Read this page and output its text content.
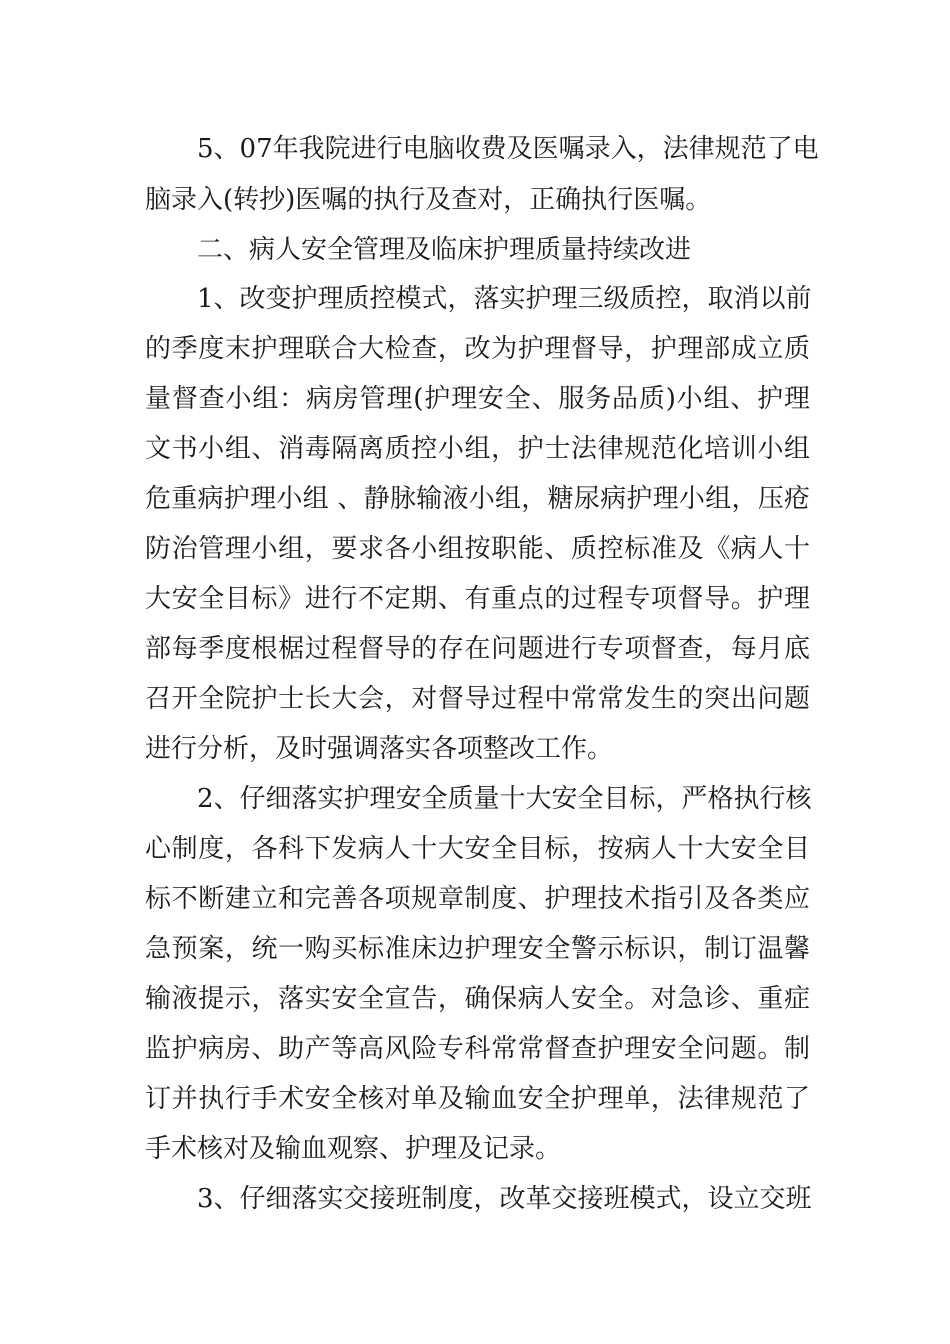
5、07年我院进行电脑收费及医嘱录入，法律规范了电
脑录入(转抄)医嘱的执行及查对，正确执行医嘱。
二、病人安全管理及临床护理质量持续改进
1、改变护理质控模式，落实护理三级质控，取消以前
的季度末护理联合大检查，改为护理督导，护理部成立质
量督查小组：病房管理(护理安全、服务品质)小组、护理
文书小组、消毒隔离质控小组，护士法律规范化培训小组
危重病护理小组 、静脉输液小组，糖尿病护理小组，压疮
防治管理小组，要求各小组按职能、质控标准及《病人十
大安全目标》进行不定期、有重点的过程专项督导。护理
部每季度根椐过程督导的存在问题进行专项督查，每月底
召开全院护士长大会，对督导过程中常常发生的突出问题
进行分析，及时强调落实各项整改工作。
2、仔细落实护理安全质量十大安全目标，严格执行核
心制度，各科下发病人十大安全目标，按病人十大安全目
标不断建立和完善各项规章制度、护理技术指引及各类应
急预案，统一购买标准床边护理安全警示标识，制订温馨
输液提示，落实安全宣告，确保病人安全。对急诊、重症
监护病房、助产等高风险专科常常督查护理安全问题。制
订并执行手术安全核对单及输血安全护理单，法律规范了
手术核对及输血观察、护理及记录。
3、仔细落实交接班制度，改革交接班模式，设立交班
